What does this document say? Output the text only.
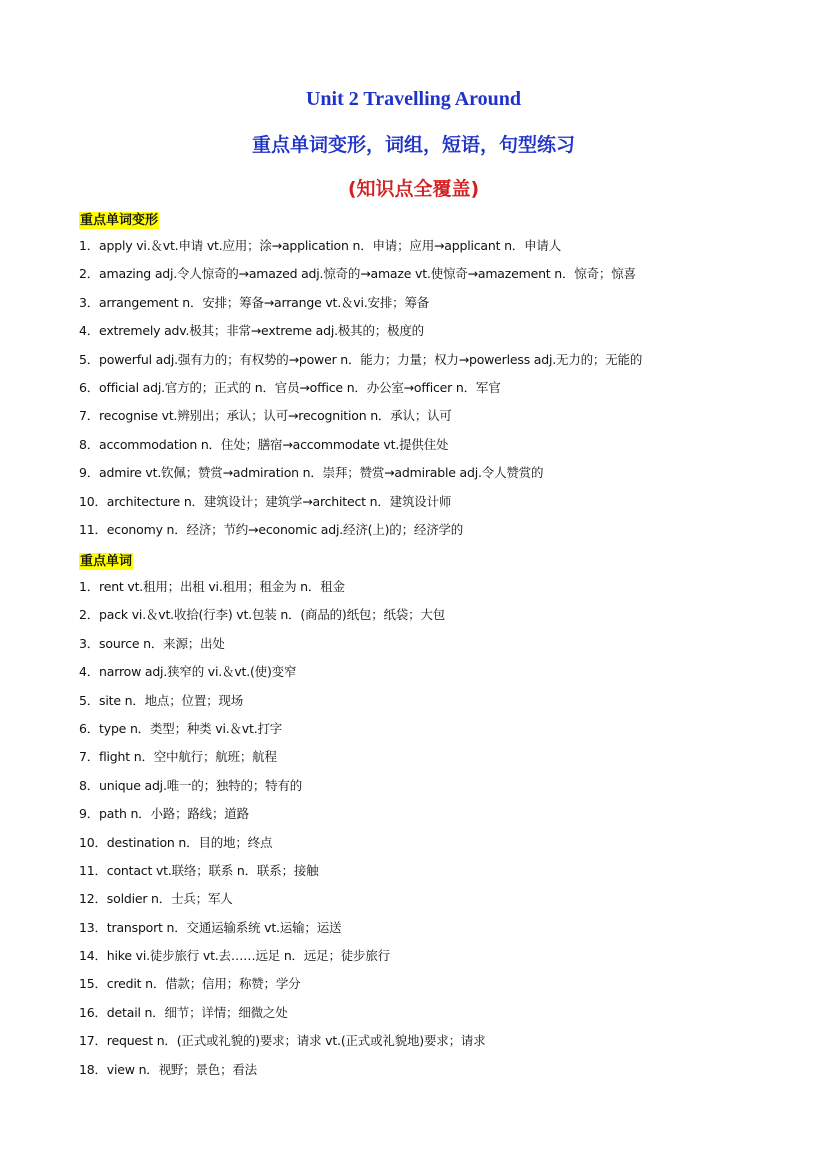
Unit 2 Travelling Around
重点单词变形，词组，短语，句型练习
(知识点全覆盖)
重点单词变形
1．apply vi.＆vt.申请 vt.应用；涂→application n．申请；应用→applicant n．申请人
2．amazing adj.令人惊奇的→amazed adj.惊奇的→amaze vt.使惊奇→amazement n．惊奇；惊喜
3．arrangement n．安排；筹备→arrange vt.＆vi.安排；筹备
4．extremely adv.极其；非常→extreme adj.极其的；极度的
5．powerful adj.强有力的；有权势的→power n．能力；力量；权力→powerless adj.无力的；无能的
6．official adj.官方的；正式的 n．官员→office n．办公室→officer n．军官
7．recognise vt.辨别出；承认；认可→recognition n．承认；认可
8．accommodation n．住处；膳宿→accommodate vt.提供住处
9．admire vt.钦佩；赞赏→admiration n．崇拜；赞赏→admirable adj.令人赞赏的
10．architecture n．建筑设计；建筑学→architect n．建筑设计师
11．economy n．经济；节约→economic adj.经济(上)的；经济学的
重点单词
1．rent vt.租用；出租 vi.租用；租金为 n．租金
2．pack vi.＆vt.收拾(行李) vt.包装 n．(商品的)纸包；纸袋；大包
3．source n．来源；出处
4．narrow adj.狭窄的 vi.＆vt.(使)变窄
5．site n．地点；位置；现场
6．type n．类型；种类 vi.＆vt.打字
7．flight n．空中航行；航班；航程
8．unique adj.唯一的；独特的；特有的
9．path n．小路；路线；道路
10．destination n．目的地；终点
11．contact vt.联络；联系 n．联系；接触
12．soldier n．士兵；军人
13．transport n．交通运输系统 vt.运输；运送
14．hike vi.徒步旅行 vt.去……远足 n．远足；徒步旅行
15．credit n．借款；信用；称赞；学分
16．detail n．细节；详情；细微之处
17．request n．(正式或礼貌的)要求；请求 vt.(正式或礼貌地)要求；请求
18．view n．视野；景色；看法
